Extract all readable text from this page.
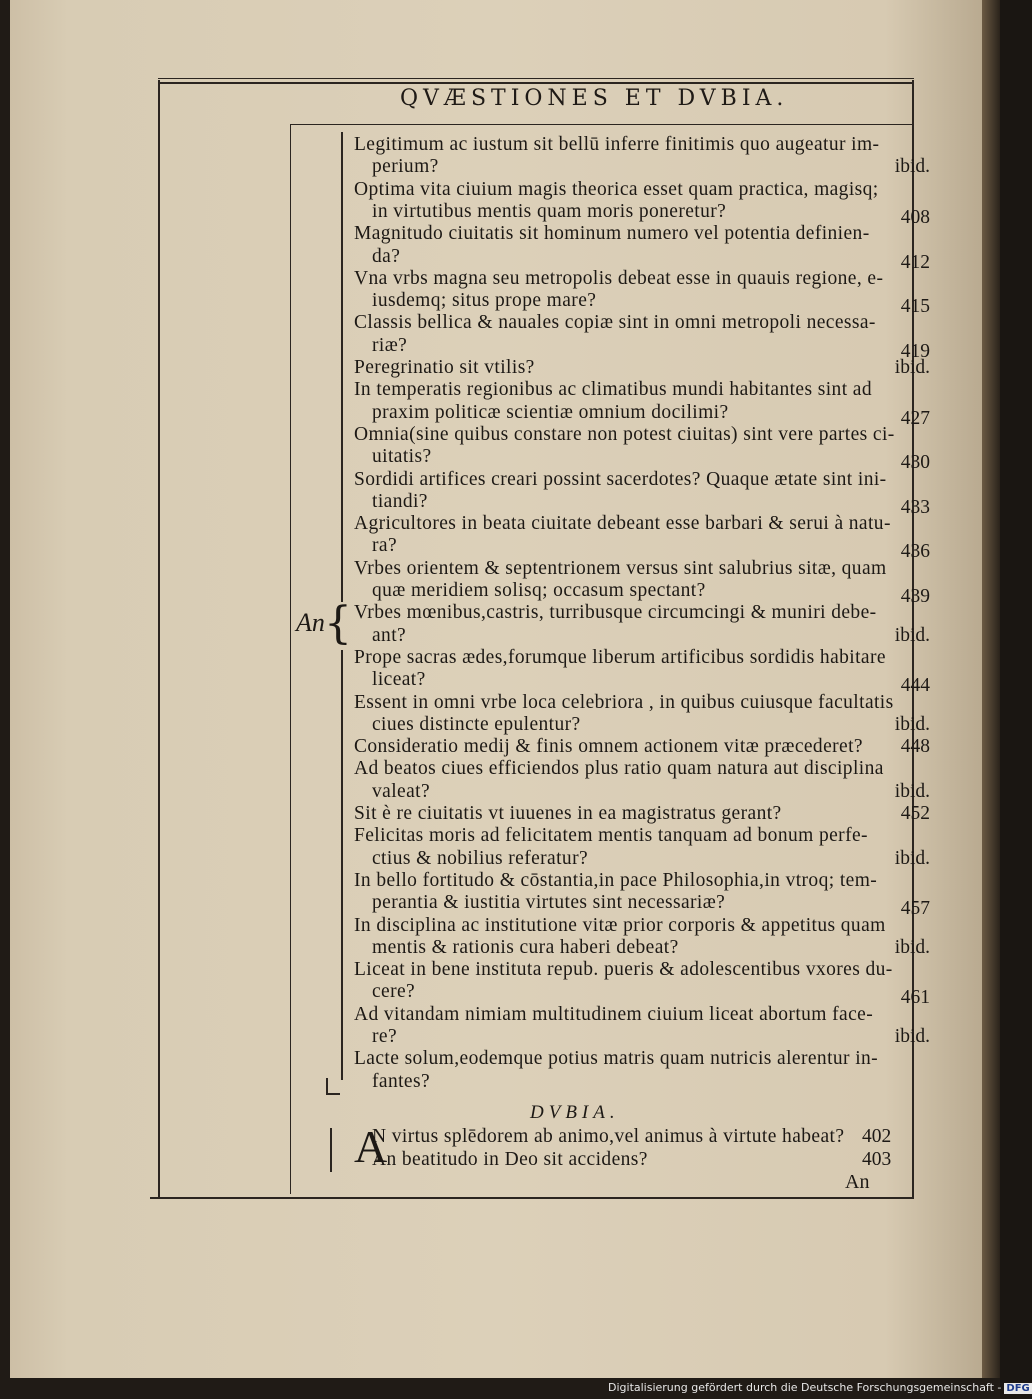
QVÆSTIONES ET DVBIA.
{
An
Legitimum ac iustum sit bellū inferre finitimis quo augeatur im-
perium?	ibid.
Optima vita ciuium magis theorica esset quam practica, magisq;
in virtutibus mentis quam moris poneretur?	408
Magnitudo ciuitatis sit hominum numero vel potentia definien-
da?	412
Vna vrbs magna seu metropolis debeat esse in quauis regione, e-
iusdemq; situs prope mare?	415
Classis bellica & nauales copiæ sint in omni metropoli necessa-
riæ?	419
Peregrinatio sit vtilis?	ibid.
In temperatis regionibus ac climatibus mundi habitantes sint ad
praxim politicæ scientiæ omnium docilimi?	427
Omnia(sine quibus constare non potest ciuitas) sint vere partes ci-
uitatis?	430
Sordidi artifices creari possint sacerdotes? Quaque ætate sint ini-
tiandi?	433
Agricultores in beata ciuitate debeant esse barbari & serui à natu-
ra?	436
Vrbes orientem & septentrionem versus sint salubrius sitæ, quam
quæ meridiem solisq; occasum spectant?	439
Vrbes mœnibus,castris, turribusque circumcingi & muniri debe-
ant?	ibid.
Prope sacras ædes,forumque liberum artificibus sordidis habitare
liceat?	444
Essent in omni vrbe loca celebriora , in quibus cuiusque facultatis
ciues distincte epulentur?	ibid.
Consideratio medij & finis omnem actionem vitæ præcederet? 448
Ad beatos ciues efficiendos plus ratio quam natura aut disciplina
valeat?	ibid.
Sit è re ciuitatis vt iuuenes in ea magistratus gerant?	452
Felicitas moris ad felicitatem mentis tanquam ad bonum perfe-
ctius & nobilius referatur?	ibid.
In bello fortitudo & cōstantia,in pace Philosophia,in vtroq; tem-
perantia & iustitia virtutes sint necessariæ?	457
In disciplina ac institutione vitæ prior corporis & appetitus quam
mentis & rationis cura haberi debeat?	ibid.
Liceat in bene instituta repub. pueris & adolescentibus vxores du-
cere?	461
Ad vitandam nimiam multitudinem ciuium liceat abortum face-
re?	ibid.
Lacte solum,eodemque potius matris quam nutricis alerentur in-
fantes?
DVBIA.
A
N virtus splēdorem ab animo,vel animus à virtute habeat? 402
An beatitudo in Deo sit accidens?	403
An
Digitalisierung gefördert durch die Deutsche Forschungsgemeinschaft - DFG
